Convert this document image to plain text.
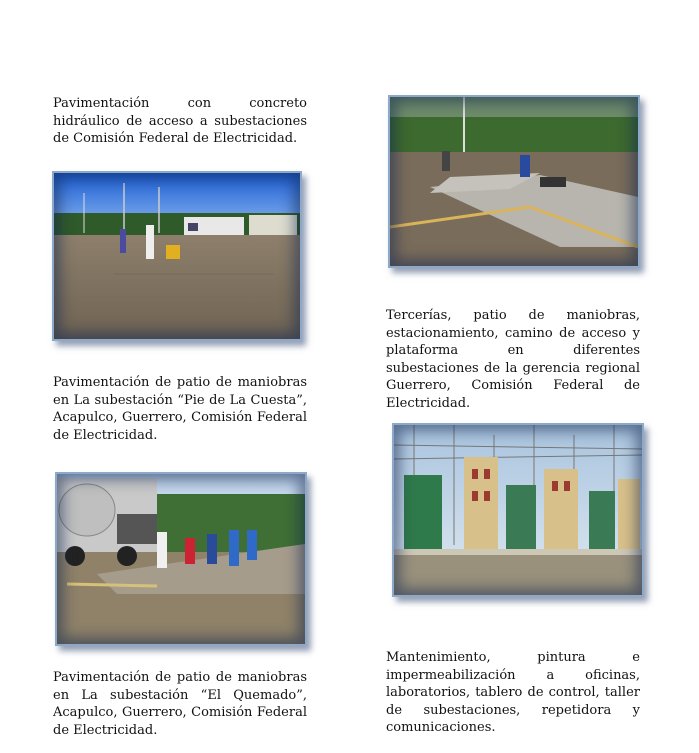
Pavimentación con concreto hidráulico de acceso a subestaciones de Comisión Federal de Electricidad.

Pavimentación de patio de maniobras en La subestación “Pie de La Cuesta”, Acapulco, Guerrero, Comisión Federal de Electricidad.

Pavimentación de patio de maniobras en La subestación “El Quemado”, Acapulco, Guerrero, Comisión Federal de Electricidad.

Tercerías, patio de maniobras, estacionamiento, camino de acceso y plataforma en diferentes subestaciones de la gerencia regional Guerrero, Comisión Federal de Electricidad.

Mantenimiento, pintura e impermeabilización a oficinas, laboratorios, tablero de control, taller de subestaciones, repetidora y comunicaciones.
